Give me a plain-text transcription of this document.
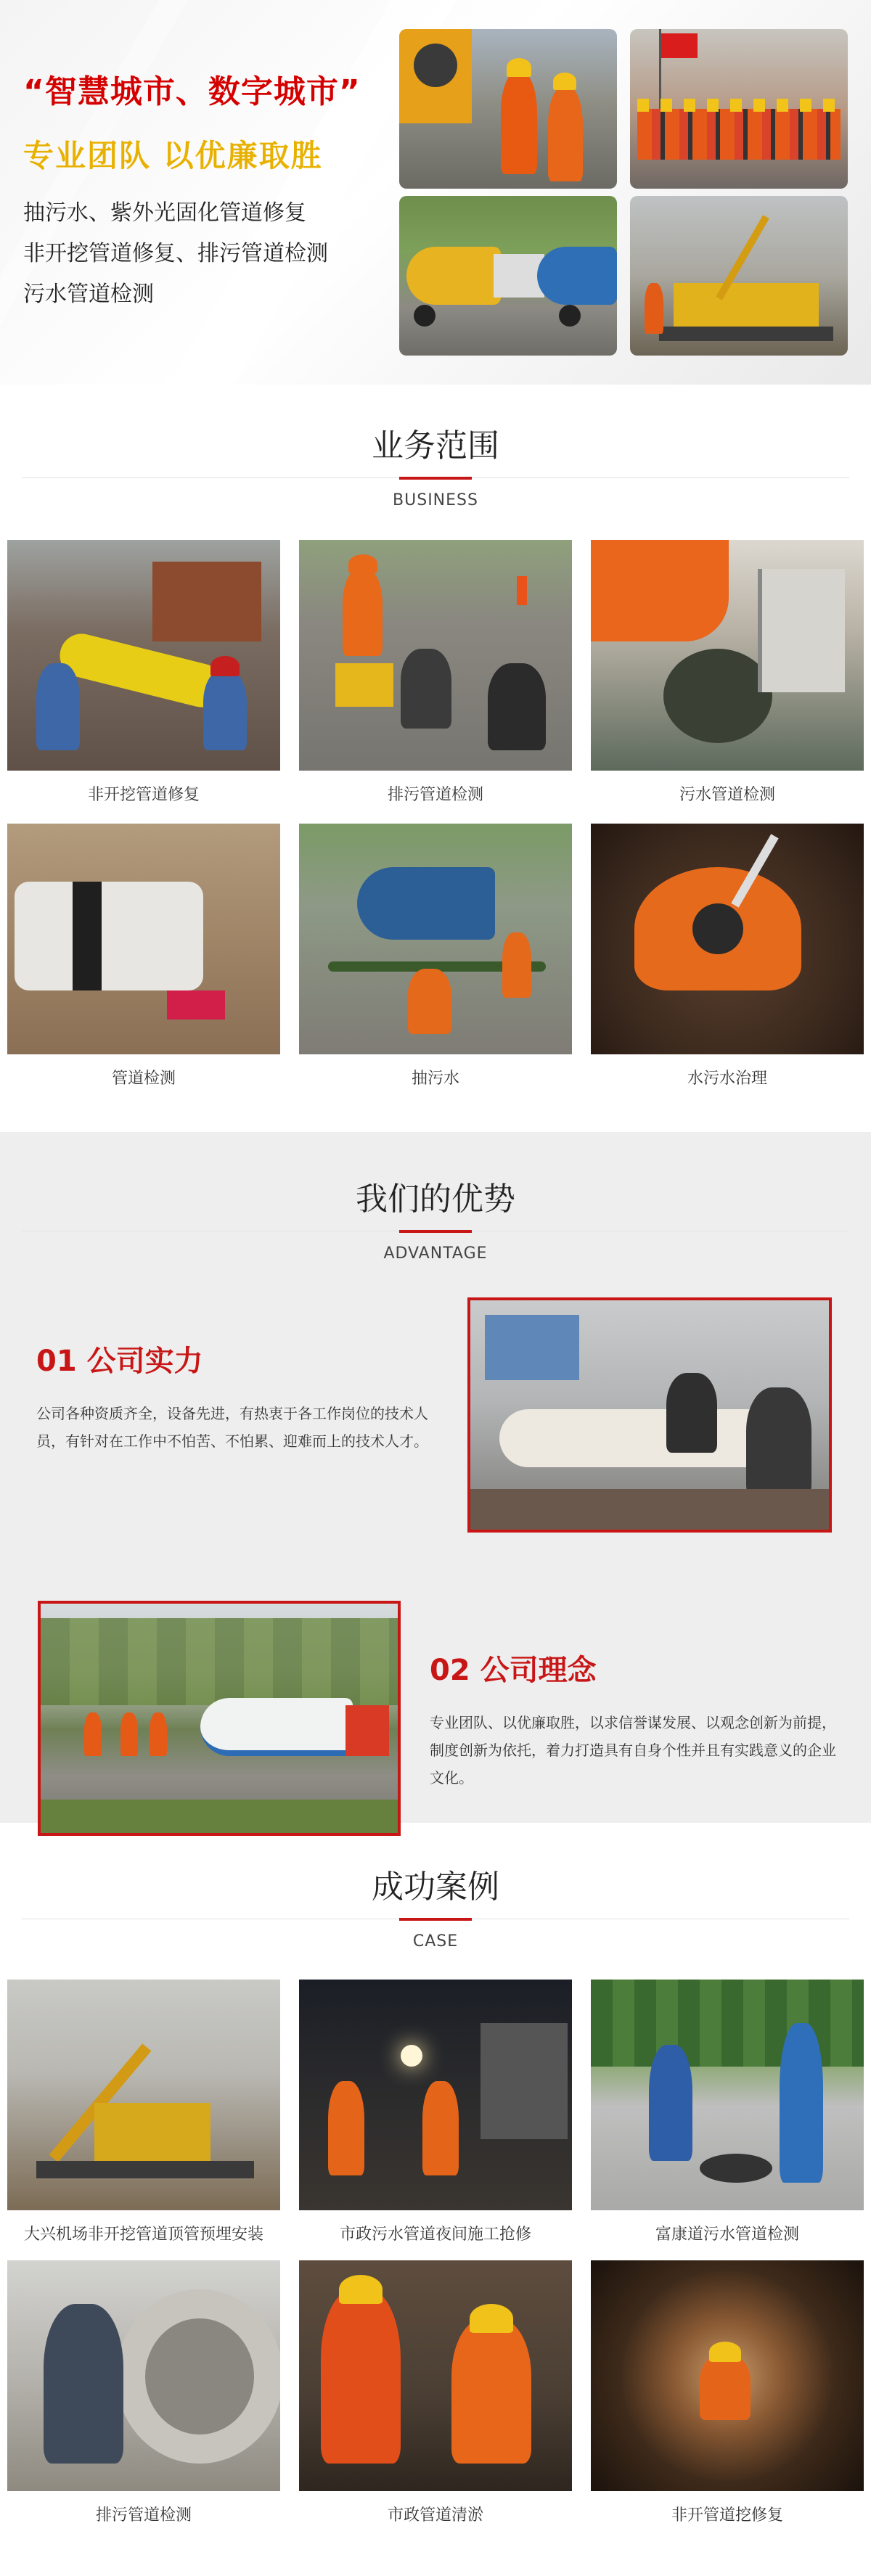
“智慧城市、数字城市”
专业团队 以优廉取胜
抽污水、紫外光固化管道修复
非开挖管道修复、排污管道检测
污水管道检测
业务范围
BUSINESS
非开挖管道修复	排污管道检测	污水管道检测
管道检测	抽污水	水污水治理
我们的优势
ADVANTAGE
01 公司实力
公司各种资质齐全，设备先进，有热衷于各工作岗位的技术人员，有针对在工作中不怕苦、不怕累、迎难而上的技术人才。
02 公司理念
专业团队、以优廉取胜，以求信誉谋发展、以观念创新为前提，制度创新为依托，着力打造具有自身个性并且有实践意义的企业文化。
成功案例
CASE
大兴机场非开挖管道顶管预埋安装	市政污水管道夜间施工抢修	富康道污水管道检测
排污管道检测	市政管道清淤	非开管道挖修复
